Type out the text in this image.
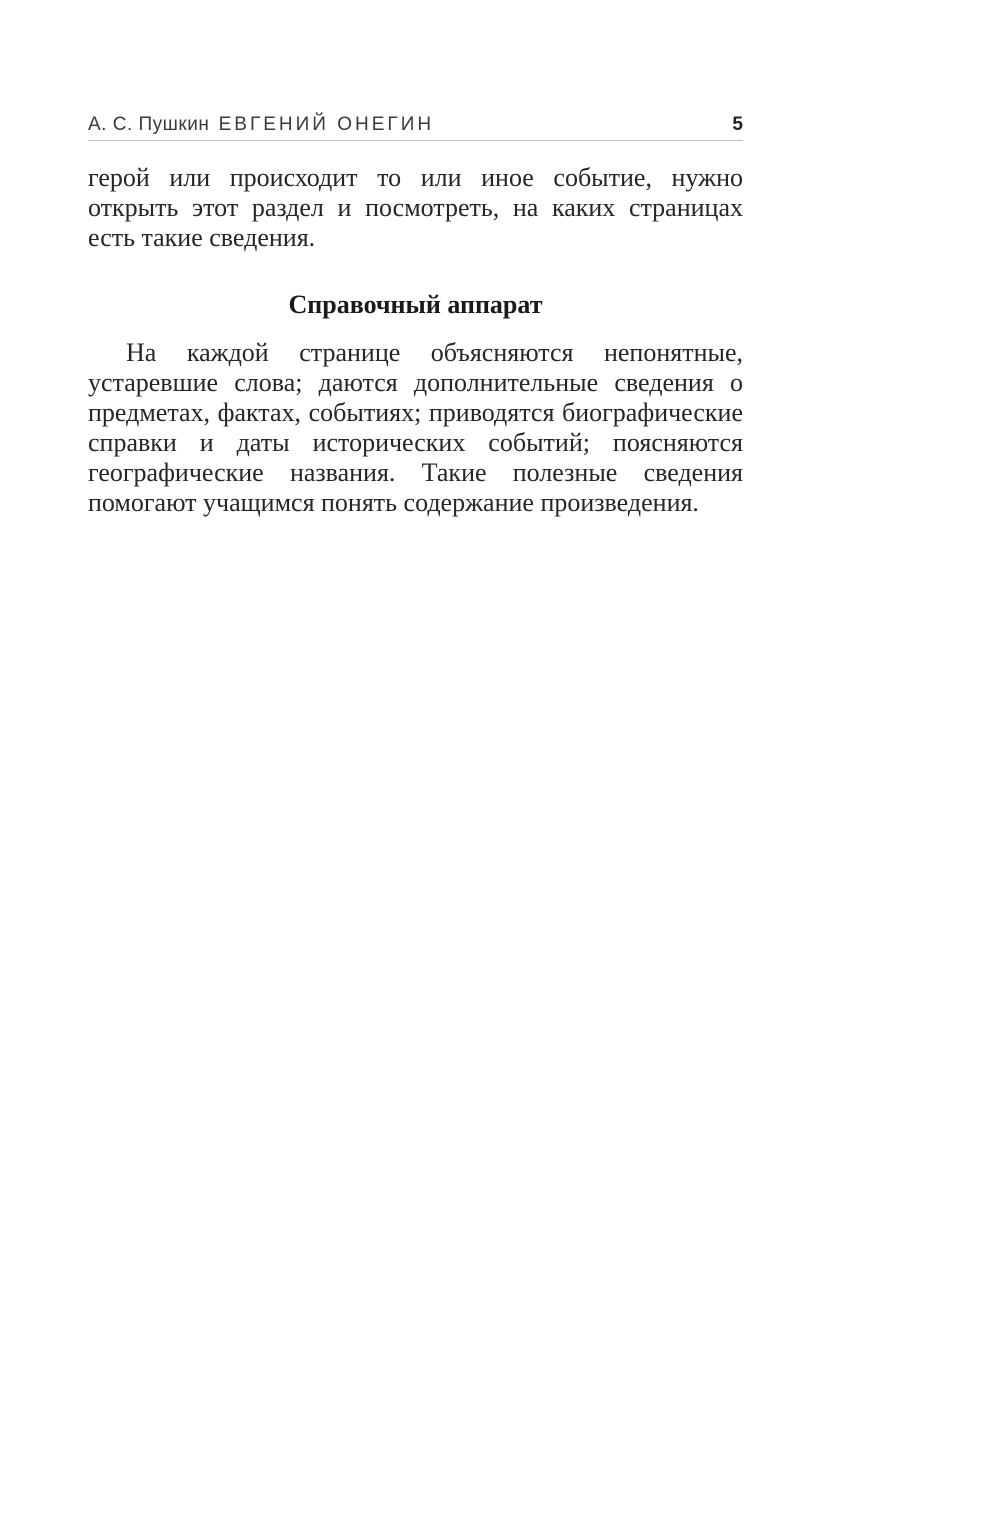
А. С. Пушкин ЕВГЕНИЙ ОНЕГИН	5

герой или происходит то или иное событие, нужно открыть этот раздел и посмотреть, на каких страницах есть такие сведения.

Справочный аппарат

На каждой странице объясняются непонятные, устаревшие слова; даются дополнительные сведения о предметах, фактах, событиях; приводятся биографические справки и даты исторических событий; поясняются географические названия. Такие полезные сведения помогают учащимся понять содержание произведения.
